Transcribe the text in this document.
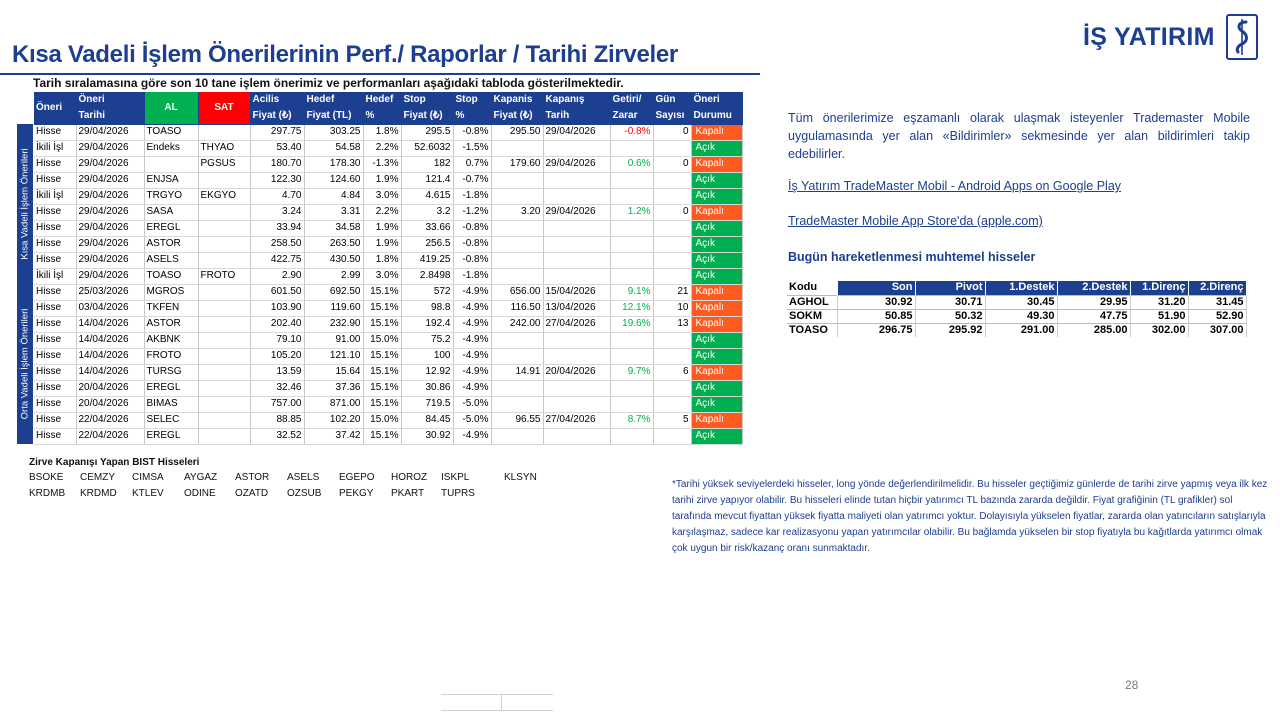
Kısa Vadeli İşlem Önerilerinin Perf./ Raporlar / Tarihi Zirveler
Tarih sıralamasına göre son 10 tane işlem önerimiz ve performanları aşağıdaki tabloda gösterilmektedir.
İŞ YATIRIM
Kısa Vadeli İşlem Önerileri
Orta Vadeli İşlem Önerileri
Öneri	Öneri	AL	SAT	Acilis	Hedef	Hedef	Stop	Stop	Kapanis	Kapanış	Getiri/	Gün	Öneri
	Tarihi			Fiyat (₺)	Fiyat (TL)	%	Fiyat (₺)	%	Fiyat (₺)	Tarih	Zarar	Sayısı	Durumu
Hisse	29/04/2026	TOASO		297.75	303.25	1.8%	295.5	-0.8%	295.50	29/04/2026	-0.8%	0	Kapalı
İkili İşl	29/04/2026	Endeks	THYAO	53.40	54.58	2.2%	52.6032	-1.5%					Açık
Hisse	29/04/2026		PGSUS	180.70	178.30	-1.3%	182	0.7%	179.60	29/04/2026	0.6%	0	Kapalı
Hisse	29/04/2026	ENJSA		122.30	124.60	1.9%	121.4	-0.7%					Açık
İkili İşl	29/04/2026	TRGYO	EKGYO	4.70	4.84	3.0%	4.615	-1.8%					Açık
Hisse	29/04/2026	SASA		3.24	3.31	2.2%	3.2	-1.2%	3.20	29/04/2026	1.2%	0	Kapalı
Hisse	29/04/2026	EREGL		33.94	34.58	1.9%	33.66	-0.8%					Açık
Hisse	29/04/2026	ASTOR		258.50	263.50	1.9%	256.5	-0.8%					Açık
Hisse	29/04/2026	ASELS		422.75	430.50	1.8%	419.25	-0.8%					Açık
İkili İşl	29/04/2026	TOASO	FROTO	2.90	2.99	3.0%	2.8498	-1.8%					Açık
Hisse	25/03/2026	MGROS		601.50	692.50	15.1%	572	-4.9%	656.00	15/04/2026	9.1%	21	Kapalı
Hisse	03/04/2026	TKFEN		103.90	119.60	15.1%	98.8	-4.9%	116.50	13/04/2026	12.1%	10	Kapalı
Hisse	14/04/2026	ASTOR		202.40	232.90	15.1%	192.4	-4.9%	242.00	27/04/2026	19.6%	13	Kapalı
Hisse	14/04/2026	AKBNK		79.10	91.00	15.0%	75.2	-4.9%					Açık
Hisse	14/04/2026	FROTO		105.20	121.10	15.1%	100	-4.9%					Açık
Hisse	14/04/2026	TURSG		13.59	15.64	15.1%	12.92	-4.9%	14.91	20/04/2026	9.7%	6	Kapalı
Hisse	20/04/2026	EREGL		32.46	37.36	15.1%	30.86	-4.9%					Açık
Hisse	20/04/2026	BIMAS		757.00	871.00	15.1%	719.5	-5.0%					Açık
Hisse	22/04/2026	SELEC		88.85	102.20	15.0%	84.45	-5.0%	96.55	27/04/2026	8.7%	5	Kapalı
Hisse	22/04/2026	EREGL		32.52	37.42	15.1%	30.92	-4.9%					Açık
Zirve Kapanışı Yapan BIST Hisseleri
BSOKE CEMZY CIMSA AYGAZ ASTOR ASELS EGEPO HOROZ ISKPL	KLSYN
KRDMB KRDMD KTLEV ODINE OZATD OZSUB PEKGY PKART TUPRS
Tüm önerilerimize eşzamanlı olarak ulaşmak isteyenler Trademaster Mobile uygulamasında yer alan «Bildirimler» sekmesinde yer alan bildirimleri takip edebilirler.
İş Yatırım TradeMaster Mobil - Android Apps on Google Play
TradeMaster Mobile App Store'da (apple.com)
Bugün hareketlenmesi muhtemel hisseler
Kodu	Son	Pivot	1.Destek	2.Destek	1.Direnç	2.Direnç
AGHOL	30.92	30.71	30.45	29.95	31.20	31.45
SOKM	50.85	50.32	49.30	47.75	51.90	52.90
TOASO	296.75	295.92	291.00	285.00	302.00	307.00
*Tarihi yüksek seviyelerdeki hisseler, long yönde değerlendirilmelidir. Bu hisseler geçtiğimiz günlerde de tarihi zirve yapmış veya ilk kez tarihi zirve yapıyor olabilir. Bu hisseleri elinde tutan hiçbir yatırımcı TL bazında zararda değildir. Fiyat grafiğinin (TL grafikler) sol tarafında mevcut fiyattan yüksek fiyatta maliyeti olan yatırımcı yoktur. Dolayısıyla yükselen fiyatlar, zararda olan yatıncıların satışlarıyla karşılaşmaz, sadece kar realizasyonu yapan yatırımcılar olabilir. Bu bağlamda yükselen bir stop fiyatıyla bu kağıtlarda yatırımcı olmak çok uygun bir risk/kazanç oranı sunmaktadır.
28
